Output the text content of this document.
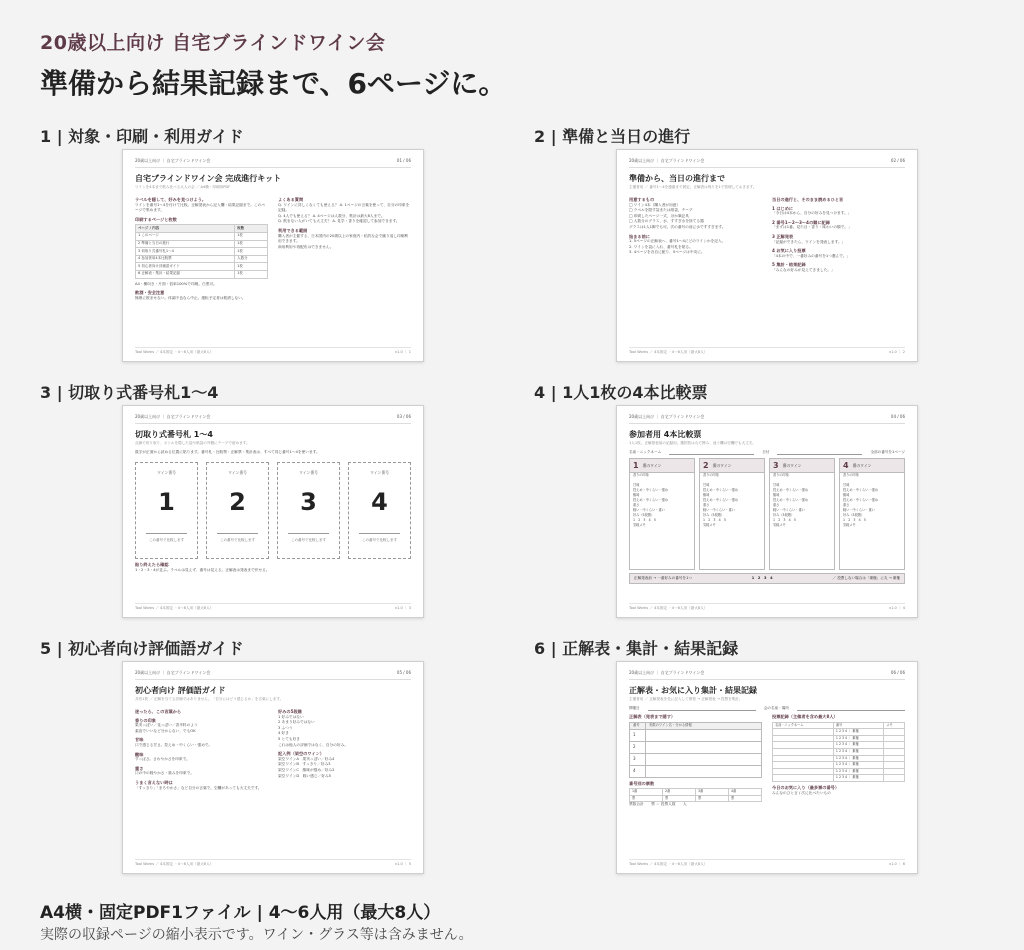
20歳以上向け 自宅ブラインドワイン会
準備から結果記録まで、6ページに。
1 | 対象・印刷・利用ガイド
20歳以上向け ｜ 自宅ブラインドワイン会	01 / 06
自宅ブラインドワイン会 完成進行キット
ワインを4本まで飲み比べる大人の会 ／ A4横・印刷用PDF
ラベルを隠して、好みを見つけよう。
ワインを番号1〜4を付けて比較。正解発表から記入欄・結果記録まで。このページで集めます。
印刷するページと枚数
ページ / 内容	枚数
1 このページ	1枚
2 準備と当日の進行	1枚
3 切取り式番号札1〜4	1枚
4 参加者用4本比較票	人数分
5 初心者向け評価語ガイド	1枚
6 正解表・集計・結果記録	1枚
A4・横向き・片面・倍率100%で印刷。白黒可。
飲酒・安全注意
無理に飲ませない。体調不良なら中止。運転予定者は飲酒しない。
よくある質問
Q. ワインに詳しくなくても使える？ A. 1ページの言葉を使って、自分の印象を記録。
Q. 4人でも使える？ A. 4ページは人数分、集計は最大8人まで。
Q. 飲まない人がいても大丈夫？ A. 見学・香りを確認して参加できます。
利用できる範囲
購入者が主催する、日本国内の20歳以上の家庭内・私的な会で繰り返し印刷利用できます。
商用利用や再配布はできません。
Tool Works ／ 4本固定 ・4〜6人用（最大8人）	v1.0 ｜ 1
2 | 準備と当日の進行
20歳以上向け ｜ 自宅ブラインドワイン会	02 / 06
準備から、当日の進行まで
主催者用 ／ 番号1〜4を連番まで固定。正解者は残りを1で管理しておきます。
用意するもの
□ ワイン4本（購入者が用意）
□ ラベルを隠す袋または紙袋、テープ
□ 印刷したページ一式、ほか筆記具
□ 人数分のグラス、水、すすぎ水を捨てる器
グラスは1人1脚でも可。次の番号の前に水ですすぎます。
始まる前に
1. 5ページの正解表へ、番号1〜4にどのワインかを記入。
2. ワインを袋に入れ、番号札を貼る。
3. 4ページを各自に配り、5ページは中央に。
当日の進行と、そのまま読めるひと言
1 はじめに
「今日は4本から、自分の好みを見つけます。」
2 番号1〜2〜3〜4の順に記録
「まずは1番。見た目・香り・味わいの順で。」
3 正解発表
「記録ができたら、ワインを発表します。」
4 お気に入り投票
「4本の中で、一番好みの番号を1つ選んで。」
5 集計・結果記録
「みんなの好みが見えてきました。」
Tool Works ／ 4本固定 ・4〜6人用（最大8人）	v1.0 ｜ 2
3 | 切取り式番号札1〜4
20歳以上向け ｜ 自宅ブラインドワイン会	03 / 06
切取り式番号札 1〜4
点線で切り取り、ボトルを隠した袋や紙袋の外側にテープで留めます。
数字が正面から読める位置に貼ります。番号札・比較票・正解票・集計表は、すべて同じ番号1〜4を使います。
ワイン番号
1
この番号で比較します
ワイン番号
2
この番号で比較します
ワイン番号
3
この番号で比較します
ワイン番号
4
この番号で比較します
貼り終えたら確認
1・2・3・4が並ぶ。ラベルは見えず、番号は見える。正解表は発表まで伏せる。
Tool Works ／ 4本固定 ・4〜6人用（最大8人）	v1.0 ｜ 3
4 | 1人1枚の4本比較票
20歳以上向け ｜ 自宅ブラインドワイン会	04 / 06
参加者用 4本比較票
1人1枚。正解発表前の記録用。選択肢は丸で囲み、迷う欄は空欄でも大丈夫。
名前・ニックネーム	日付	全部の番号を1ページ
1 番のワイン
香りの印象

甘味
控えめ・中くらい・強め
酸味
控えめ・中くらい・強め
重さ
軽い・中くらい・重い
好み（5段階）
1　2　3　4　5
気軽メモ
2 番のワイン
香りの印象

甘味
控えめ・中くらい・強め
酸味
控えめ・中くらい・強め
重さ
軽い・中くらい・重い
好み（5段階）
1　2　3　4　5
気軽メモ
3 番のワイン
香りの印象

甘味
控えめ・中くらい・強め
酸味
控えめ・中くらい・強め
重さ
軽い・中くらい・重い
好み（5段階）
1　2　3　4　5
気軽メモ
4 番のワイン
香りの印象

甘味
控えめ・中くらい・強め
酸味
控えめ・中くらい・強め
重さ
軽い・中くらい・重い
好み（5段階）
1　2　3　4　5
気軽メモ
正解発表前 → 一番好みの番号を1つ	1　2　3　4	／ 投票しない場合は「棄権」に丸 → 棄権
Tool Works ／ 4本固定 ・4〜6人用（最大8人）	v1.0 ｜ 4
5 | 初心者向け評価語ガイド
20歳以上向け ｜ 自宅ブラインドワイン会	05 / 06
初心者向け 評価語ガイド
共有1枚 ／ 正解を当てる評価ではありません。「自分にはどう感じるか」を言葉にします。
迷ったら、この言葉から
香りの印象
果実っぽい／花っぽい／香辛料のよう
素直でいいなど分からない、でもOK
甘味
口で感じる甘さ。控えめ・中くらい・強めで。
酸味
すっぱさ。さわやかさを印象で。
重さ
口の中の軽やかさ・重みを印象で。
うまく言えない時は
「すっきり」「まろやかさ」など自分の言葉で。空欄があっても大丈夫です。
好みの5段階
1 好みではない
2 あまり好みではない
3 ふつう
4 好き
5 とても好き
これは他人の評価ではなく、自分の好み。
記入例（架空のワイン）
架空ワインA　 果実っぽい／好み4
架空ワインB　 すっきり／好み3
架空ワインC　 酸味が強め／好み2
架空ワインD　 軽い感じ／好み5
Tool Works ／ 4本固定 ・4〜6人用（最大8人）	v1.0 ｜ 5
6 | 正解表・集計・結果記録
20歳以上向け ｜ 自宅ブラインドワイン会	06 / 06
正解表・お気に入り集計・結果記録
主催者用 ／ 正解発表を先に記入して保管 → 正解発表 → 投票を集計。
開催日	会の名前・場所
正解表（発表まで隠す）
番号	実際のワイン名・分かる情報
1	
2	
3	
4	
番号別の票数
1番	2番	3番	4番
票	票	票	票
票数合計　　票 ＝ 投票人数　　人
投票記録（主催者を含め最大8人）
名前・ニックネーム	番号	メモ
	1 2 3 4 ｜ 棄権	
	1 2 3 4 ｜ 棄権	
	1 2 3 4 ｜ 棄権	
	1 2 3 4 ｜ 棄権	
	1 2 3 4 ｜ 棄権	
	1 2 3 4 ｜ 棄権	
	1 2 3 4 ｜ 棄権	
	1 2 3 4 ｜ 棄権	
今日のお気に入り（最多票の番号）
みんなのひと言 / 次に比べたいもの
Tool Works ／ 4本固定 ・4〜6人用（最大8人）	v1.0 ｜ 6
A4横・固定PDF1ファイル | 4〜6人用（最大8人）
実際の収録ページの縮小表示です。ワイン・グラス等は含みません。
